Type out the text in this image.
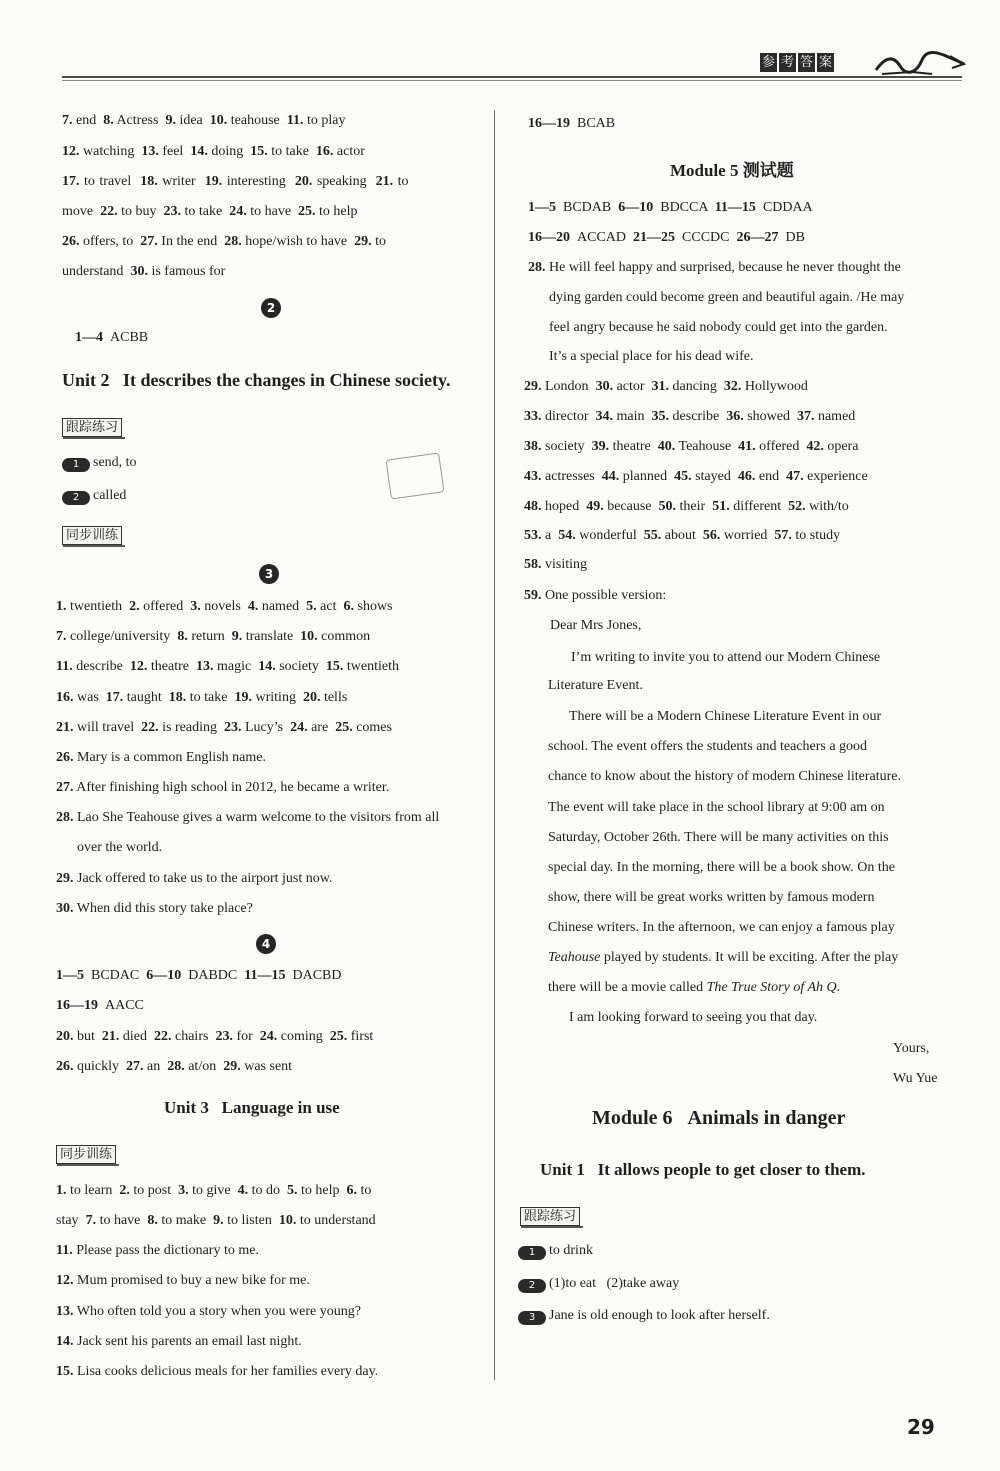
参 考 答 案
7. end  8. Actress  9. idea  10. teahouse  11. to play
12. watching  13. feel  14. doing  15. to take  16. actor
17. to travel  18. writer  19. interesting  20. speaking  21. to
move  22. to buy  23. to take  24. to have  25. to help
26. offers, to  27. In the end  28. hope/wish to have  29. to
understand  30. is famous for
2
1—4  ACBB
Unit 2   It describes the changes in Chinese society.
跟踪练习
1 send, to
2 called
同步训练
3
1. twentieth  2. offered  3. novels  4. named  5. act  6. shows
7. college/university  8. return  9. translate  10. common
11. describe  12. theatre  13. magic  14. society  15. twentieth
16. was  17. taught  18. to take  19. writing  20. tells
21. will travel  22. is reading  23. Lucy’s  24. are  25. comes
26. Mary is a common English name.
27. After finishing high school in 2012, he became a writer.
28. Lao She Teahouse gives a warm welcome to the visitors from all
over the world.
29. Jack offered to take us to the airport just now.
30. When did this story take place?
4
1—5  BCDAC  6—10  DABDC  11—15  DACBD
16—19  AACC
20. but  21. died  22. chairs  23. for  24. coming  25. first
26. quickly  27. an  28. at/on  29. was sent
Unit 3   Language in use
同步训练
1. to learn  2. to post  3. to give  4. to do  5. to help  6. to
stay  7. to have  8. to make  9. to listen  10. to understand
11. Please pass the dictionary to me.
12. Mum promised to buy a new bike for me.
13. Who often told you a story when you were young?
14. Jack sent his parents an email last night.
15. Lisa cooks delicious meals for her families every day.
16—19  BCAB
Module 5 测试题
1—5  BCDAB  6—10  BDCCA  11—15  CDDAA
16—20  ACCAD  21—25  CCCDC  26—27  DB
28. He will feel happy and surprised, because he never thought the
dying garden could become green and beautiful again. /He may
feel angry because he said nobody could get into the garden.
It’s a special place for his dead wife.
29. London  30. actor  31. dancing  32. Hollywood
33. director  34. main  35. describe  36. showed  37. named
38. society  39. theatre  40. Teahouse  41. offered  42. opera
43. actresses  44. planned  45. stayed  46. end  47. experience
48. hoped  49. because  50. their  51. different  52. with/to
53. a  54. wonderful  55. about  56. worried  57. to study
58. visiting
59. One possible version:
Dear Mrs Jones,
I’m writing to invite you to attend our Modern Chinese
Literature Event.
There will be a Modern Chinese Literature Event in our
school. The event offers the students and teachers a good
chance to know about the history of modern Chinese literature.
The event will take place in the school library at 9:00 am on
Saturday, October 26th. There will be many activities on this
special day. In the morning, there will be a book show. On the
show, there will be great works written by famous modern
Chinese writers. In the afternoon, we can enjoy a famous play
Teahouse played by students. It will be exciting. After the play
there will be a movie called The True Story of Ah Q.
I am looking forward to seeing you that day.
Yours,
Wu Yue
Module 6   Animals in danger
Unit 1   It allows people to get closer to them.
跟踪练习
1 to drink
2 (1)to eat   (2)take away
3 Jane is old enough to look after herself.
29
